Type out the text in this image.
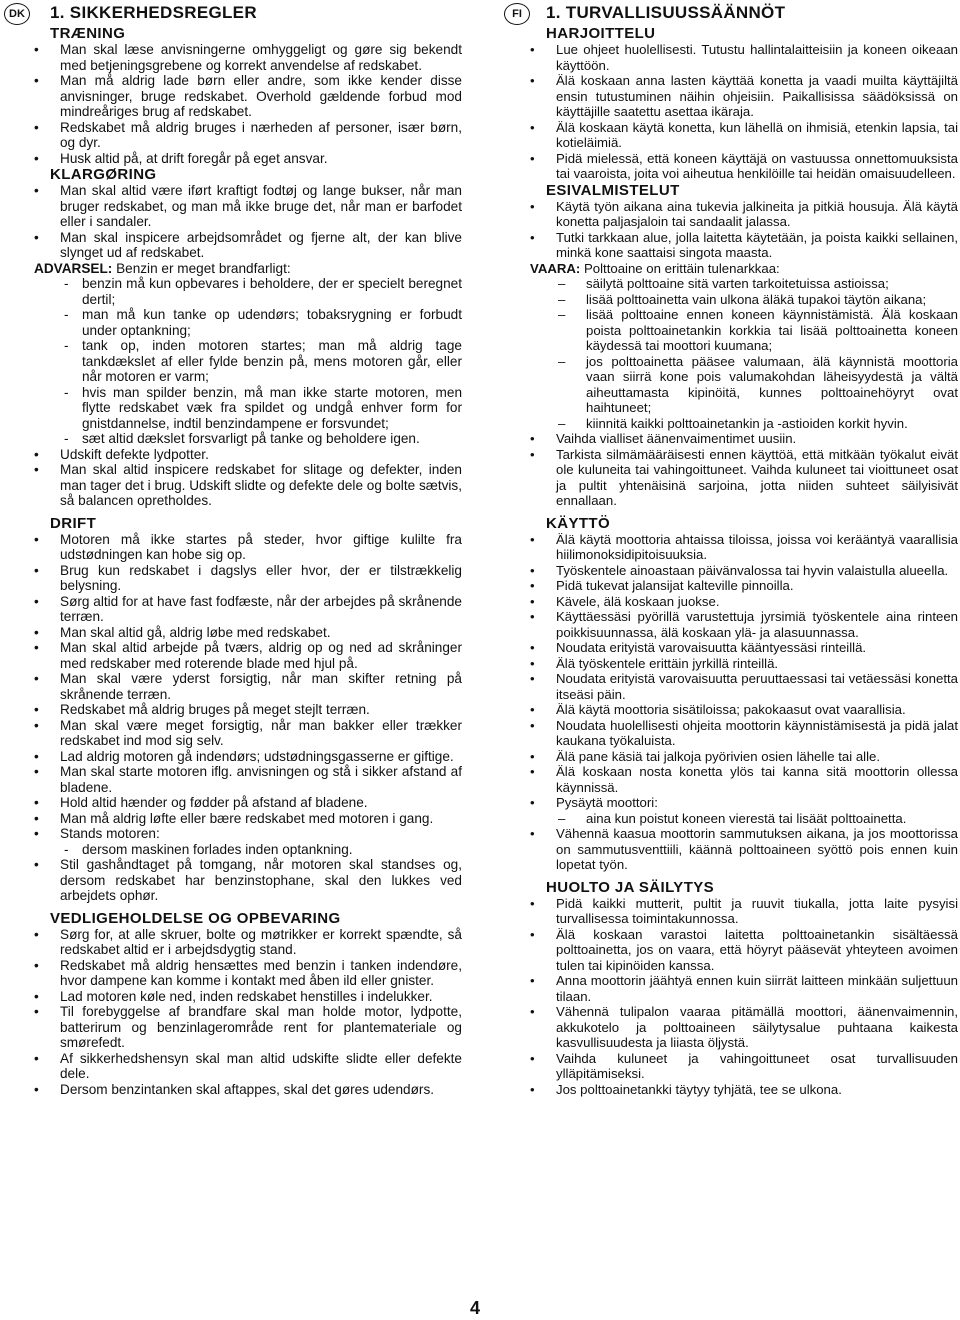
DK	FI
1. SIKKERHEDSREGLER
TRÆNING
• Man skal læse anvisningerne omhyggeligt og gøre sig bekendt med betjeningsgrebene og korrekt anvendelse af redskabet.
• Man må aldrig lade børn eller andre, som ikke kender disse anvisninger, bruge redskabet. Overhold gældende forbud mod mindreåriges brug af redskabet.
• Redskabet må aldrig bruges i nærheden af personer, især børn, og dyr.
• Husk altid på, at drift foregår på eget ansvar.
KLARGØRING
• Man skal altid være iført kraftigt fodtøj og lange bukser, når man bruger redskabet, og man må ikke bruge det, når man er barfodet eller i sandaler.
• Man skal inspicere arbejdsområdet og fjerne alt, der kan blive slynget ud af redskabet.
ADVARSEL: Benzin er meget brandfarligt:
- benzin må kun opbevares i beholdere, der er specielt beregnet dertil;
- man må kun tanke op udendørs; tobaksrygning er forbudt under optankning;
- tank op, inden motoren startes; man må aldrig tage tankdækslet af eller fylde benzin på, mens motoren går, eller når motoren er varm;
- hvis man spilder benzin, må man ikke starte motoren, men flytte redskabet væk fra spildet og undgå enhver form for gnistdannelse, indtil benzindampene er forsvundet;
- sæt altid dækslet forsvarligt på tanke og beholdere igen.
• Udskift defekte lydpotter.
• Man skal altid inspicere redskabet for slitage og defekter, inden man tager det i brug. Udskift slidte og defekte dele og bolte sætvis, så balancen opretholdes.
DRIFT
• Motoren må ikke startes på steder, hvor giftige kulilte fra udstødningen kan hobe sig op.
• Brug kun redskabet i dagslys eller hvor, der er tilstrækkelig belysning.
• Sørg altid for at have fast fodfæste, når der arbejdes på skrånende terræn.
• Man skal altid gå, aldrig løbe med redskabet.
• Man skal altid arbejde på tværs, aldrig op og ned ad skråninger med redskaber med roterende blade med hjul på.
• Man skal være yderst forsigtig, når man skifter retning på skrånende terræn.
• Redskabet må aldrig bruges på meget stejlt terræn.
• Man skal være meget forsigtig, når man bakker eller trækker redskabet ind mod sig selv.
• Lad aldrig motoren gå indendørs; udstødningsgasserne er giftige.
• Man skal starte motoren iflg. anvisningen og stå i sikker afstand af bladene.
• Hold altid hænder og fødder på afstand af bladene.
• Man må aldrig løfte eller bære redskabet med motoren i gang.
• Stands motoren:
- dersom maskinen forlades inden optankning.
• Stil gashåndtaget på tomgang, når motoren skal standses og, dersom redskabet har benzinstophane, skal den lukkes ved arbejdets ophør.
VEDLIGEHOLDELSE OG OPBEVARING
• Sørg for, at alle skruer, bolte og møtrikker er korrekt spændte, så redskabet altid er i arbejdsdygtig stand.
• Redskabet må aldrig hensættes med benzin i tanken indendøre, hvor dampene kan komme i kontakt med åben ild eller gnister.
• Lad motoren køle ned, inden redskabet henstilles i indelukker.
• Til forebyggelse af brandfare skal man holde motor, lydpotte, batterirum og benzinlagerområde rent for plantemateriale og smørefedt.
• Af sikkerhedshensyn skal man altid udskifte slidte eller defekte dele.
• Dersom benzintanken skal aftappes, skal det gøres udendørs.
1. TURVALLISUUSSÄÄNNÖT
HARJOITTELU
• Lue ohjeet huolellisesti. Tutustu hallintalaitteisiin ja koneen oikeaan käyttöön.
• Älä koskaan anna lasten käyttää konetta ja vaadi muilta käyttäjiltä ensin tutustuminen näihin ohjeisiin. Paikallisissa säädöksissä on käyttäjille saatettu asettaa ikäraja.
• Älä koskaan käytä konetta, kun lähellä on ihmisiä, etenkin lapsia, tai kotieläimiä.
• Pidä mielessä, että koneen käyttäjä on vastuussa onnettomuuksista tai vaaroista, joita voi aiheutua henkilöille tai heidän omaisuudelleen.
ESIVALMISTELUT
• Käytä työn aikana aina tukevia jalkineita ja pitkiä housuja. Älä käytä konetta paljasjaloin tai sandaalit jalassa.
• Tutki tarkkaan alue, jolla laitetta käytetään, ja poista kaikki sellainen, minkä kone saattaisi singota maasta.
VAARA: Polttoaine on erittäin tulenarkkaa:
– säilytä polttoaine sitä varten tarkoitetuissa astioissa;
– lisää polttoainetta vain ulkona äläkä tupakoi täytön aikana;
– lisää polttoaine ennen koneen käynnistämistä. Älä koskaan poista polttoainetankin korkkia tai lisää polttoainetta koneen käydessä tai moottori kuumana;
– jos polttoainetta pääsee valumaan, älä käynnistä moottoria vaan siirrä kone pois valumakohdan läheisyydestä ja vältä aiheuttamasta kipinöitä, kunnes polttoainehöyryt ovat haihtuneet;
– kiinnitä kaikki polttoainetankin ja -astioiden korkit hyvin.
• Vaihda vialliset äänenvaimentimet uusiin.
• Tarkista silmämääräisesti ennen käyttöä, että mitkään työkalut eivät ole kuluneita tai vahingoittuneet. Vaihda kuluneet tai vioittuneet osat ja pultit yhtenäisinä sarjoina, jotta niiden suhteet säilyisivät ennallaan.
KÄYTTÖ
• Älä käytä moottoria ahtaissa tiloissa, joissa voi kerääntyä vaarallisia hiilimonoksidipitoisuuksia.
• Työskentele ainoastaan päivänvalossa tai hyvin valaistulla alueella.
• Pidä tukevat jalansijat kalteville pinnoilla.
• Kävele, älä koskaan juokse.
• Käyttäessäsi pyörillä varustettuja jyrsimiä työskentele aina rinteen poikkisuunnassa, älä koskaan ylä- ja alasuunnassa.
• Noudata erityistä varovaisuutta kääntyessäsi rinteillä.
• Älä työskentele erittäin jyrkillä rinteillä.
• Noudata erityistä varovaisuutta peruuttaessasi tai vetäessäsi konetta itseäsi päin.
• Älä käytä moottoria sisätiloissa; pakokaasut ovat vaarallisia.
• Noudata huolellisesti ohjeita moottorin käynnistämisestä ja pidä jalat kaukana työkaluista.
• Älä pane käsiä tai jalkoja pyörivien osien lähelle tai alle.
• Älä koskaan nosta konetta ylös tai kanna sitä moottorin ollessa käynnissä.
• Pysäytä moottori:
– aina kun poistut koneen vierestä tai lisäät polttoainetta.
• Vähennä kaasua moottorin sammutuksen aikana, ja jos moottorissa on sammutusventtiili, käännä polttoaineen syöttö pois ennen kuin lopetat työn.
HUOLTO JA SÄILYTYS
• Pidä kaikki mutterit, pultit ja ruuvit tiukalla, jotta laite pysyisi turvallisessa toimintakunnossa.
• Älä koskaan varastoi laitetta polttoainetankin sisältäessä polttoainetta, jos on vaara, että höyryt pääsevät yhteyteen avoimen tulen tai kipinöiden kanssa.
• Anna moottorin jäähtyä ennen kuin siirrät laitteen minkään suljettuun tilaan.
• Vähennä tulipalon vaaraa pitämällä moottori, äänenvaimennin, akkukotelo ja polttoaineen säilytysalue puhtaana kaikesta kasvullisuudesta ja liiasta öljystä.
• Vaihda kuluneet ja vahingoittuneet osat turvallisuuden ylläpitämiseksi.
• Jos polttoainetankki täytyy tyhjätä, tee se ulkona.
4
